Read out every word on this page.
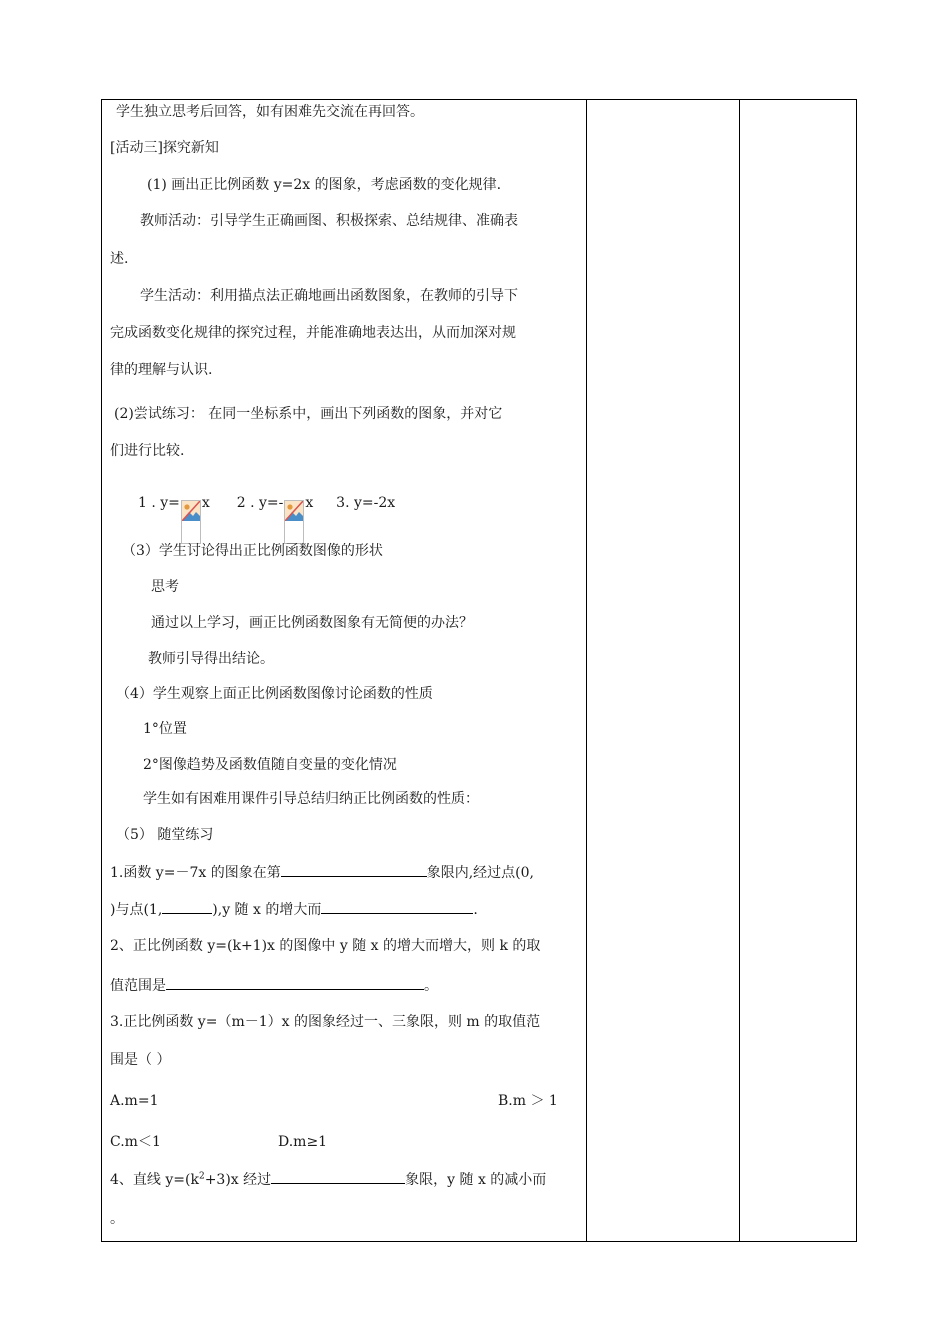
学生独立思考后回答，如有困难先交流在再回答。
[活动三]探究新知
(1) 画出正比例函数 y=2x 的图象，考虑函数的变化规律.
教师活动：引导学生正确画图、积极探索、总结规律、准确表
述.
学生活动：利用描点法正确地画出函数图象，在教师的引导下
完成函数变化规律的探究过程，并能准确地表达出，从而加深对规
律的理解与认识.
(2)尝试练习： 在同一坐标系中，画出下列函数的图象，并对它
们进行比较.
1 . y= x 2 . y=- x 3. y=-2x
（3）学生讨论得出正比例函数图像的形状
思考
通过以上学习，画正比例函数图象有无简便的办法？
教师引导得出结论。
（4）学生观察上面正比例函数图像讨论函数的性质
1°位置
2°图像趋势及函数值随自变量的变化情况
学生如有困难用课件引导总结归纳正比例函数的性质：
（5） 随堂练习
1.函数 y=－7x 的图象在第	象限内,经过点(0,
)与点(1,	),y 随 x 的增大而	.
2、正比例函数 y=(k+1)x 的图像中 y 随 x 的增大而增大，则 k 的取
值范围是	。
3.正比例函数 y=（m－1）x 的图象经过一、三象限，则 m 的取值范
围是（ ）
A.m=1	B.m ＞ 1
C.m＜1	D.m≥1
4、直线 $y=(k^2+3)x$ 经过	象限，y 随 x 的减小而
。
